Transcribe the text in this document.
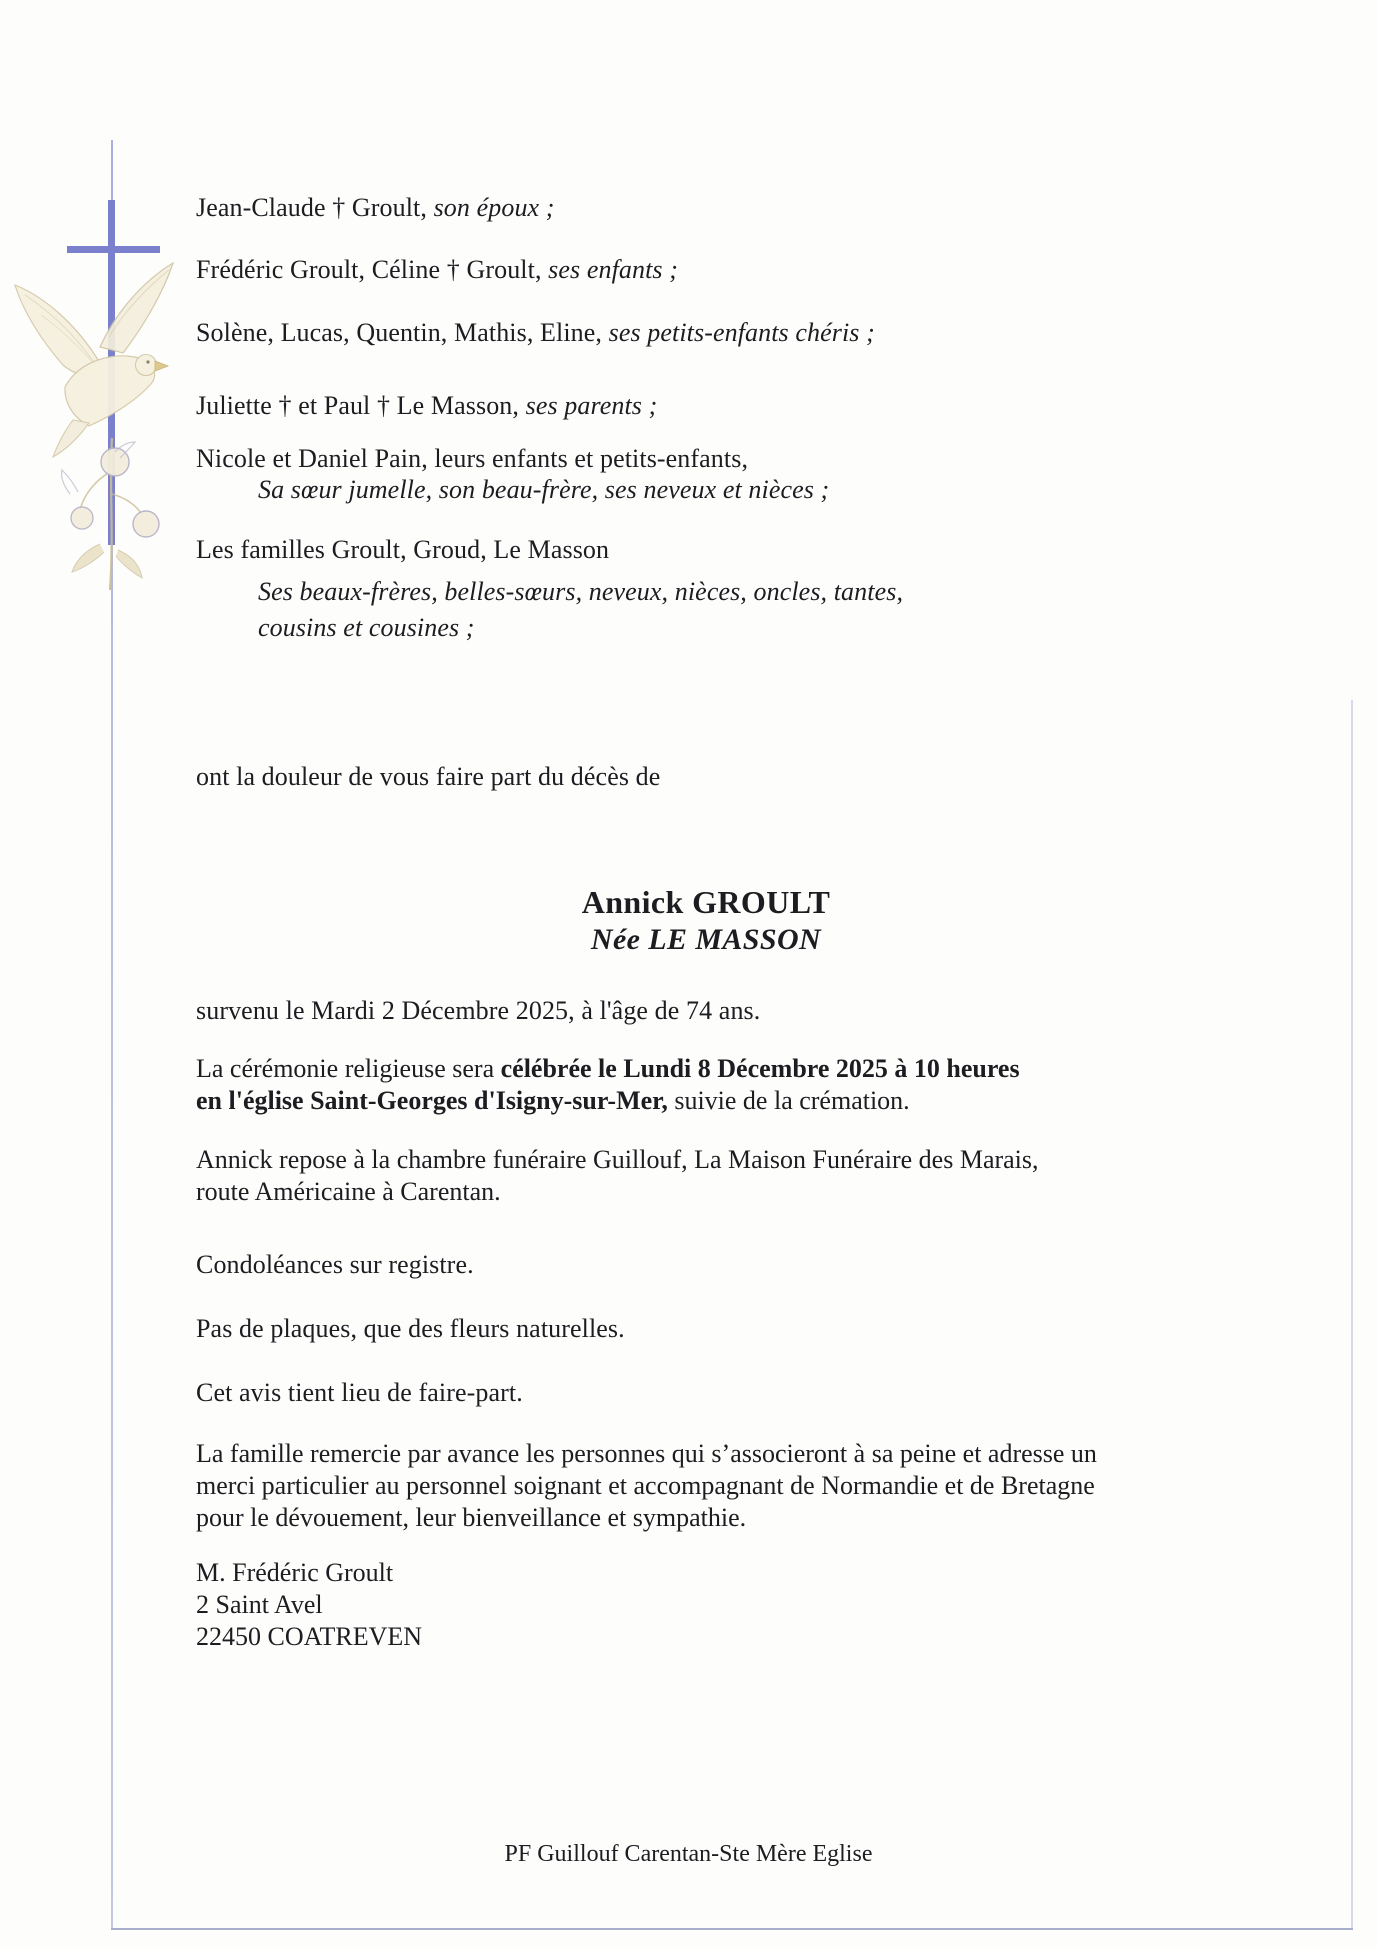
Jean-Claude † Groult, son époux ;
Frédéric Groult, Céline † Groult, ses enfants ;
Solène, Lucas, Quentin, Mathis, Eline, ses petits-enfants chéris ;
Juliette † et Paul † Le Masson, ses parents ;
Nicole et Daniel Pain, leurs enfants et petits-enfants,
Sa sœur jumelle, son beau-frère, ses neveux et nièces ;
Les familles Groult, Groud, Le Masson
Ses beaux-frères, belles-sœurs, neveux, nièces, oncles, tantes,
cousins et cousines ;
ont la douleur de vous faire part du décès de
Annick GROULT
Née LE MASSON
survenu le Mardi 2 Décembre 2025, à l'âge de 74 ans.
La cérémonie religieuse sera célébrée le Lundi 8 Décembre 2025 à 10 heures
en l'église Saint-Georges d'Isigny-sur-Mer, suivie de la crémation.
Annick repose à la chambre funéraire Guillouf, La Maison Funéraire des Marais,
route Américaine à Carentan.
Condoléances sur registre.
Pas de plaques, que des fleurs naturelles.
Cet avis tient lieu de faire-part.
La famille remercie par avance les personnes qui s’associeront à sa peine et adresse un
merci particulier au personnel soignant et accompagnant de Normandie et de Bretagne
pour le dévouement, leur bienveillance et sympathie.
M. Frédéric Groult
2 Saint Avel
22450 COATREVEN
PF Guillouf Carentan-Ste Mère Eglise
